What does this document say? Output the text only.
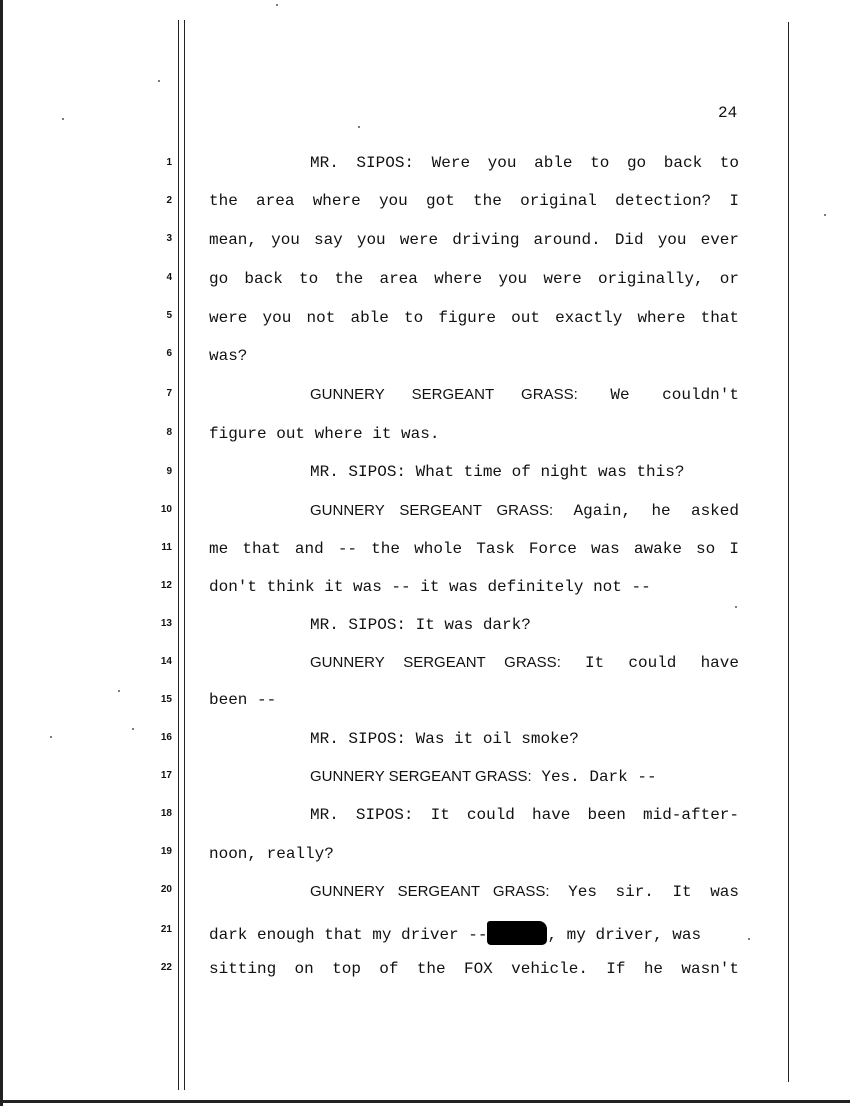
24
1
2
3
4
5
6
7
8
9
10
11
12
13
14
15
16
17
18
19
20
21
22
MR. SIPOS: Were you able to go back to
the area where you got the original detection? I
mean, you say you were driving around. Did you ever
go back to the area where you were originally, or
were you not able to figure out exactly where that
was?
GUNNERY SERGEANT GRASS: We couldn't
figure out where it was.
MR. SIPOS: What time of night was this?
GUNNERY SERGEANT GRASS: Again, he asked
me that and -- the whole Task Force was awake so I
don't think it was -- it was definitely not --
MR. SIPOS: It was dark?
GUNNERY SERGEANT GRASS: It could have
been --
MR. SIPOS: Was it oil smoke?
GUNNERY SERGEANT GRASS: Yes. Dark --
MR. SIPOS: It could have been mid-after-
noon, really?
GUNNERY SERGEANT GRASS: Yes sir. It was
dark enough that my driver --	, my driver, was
sitting on top of the FOX vehicle. If he wasn't
